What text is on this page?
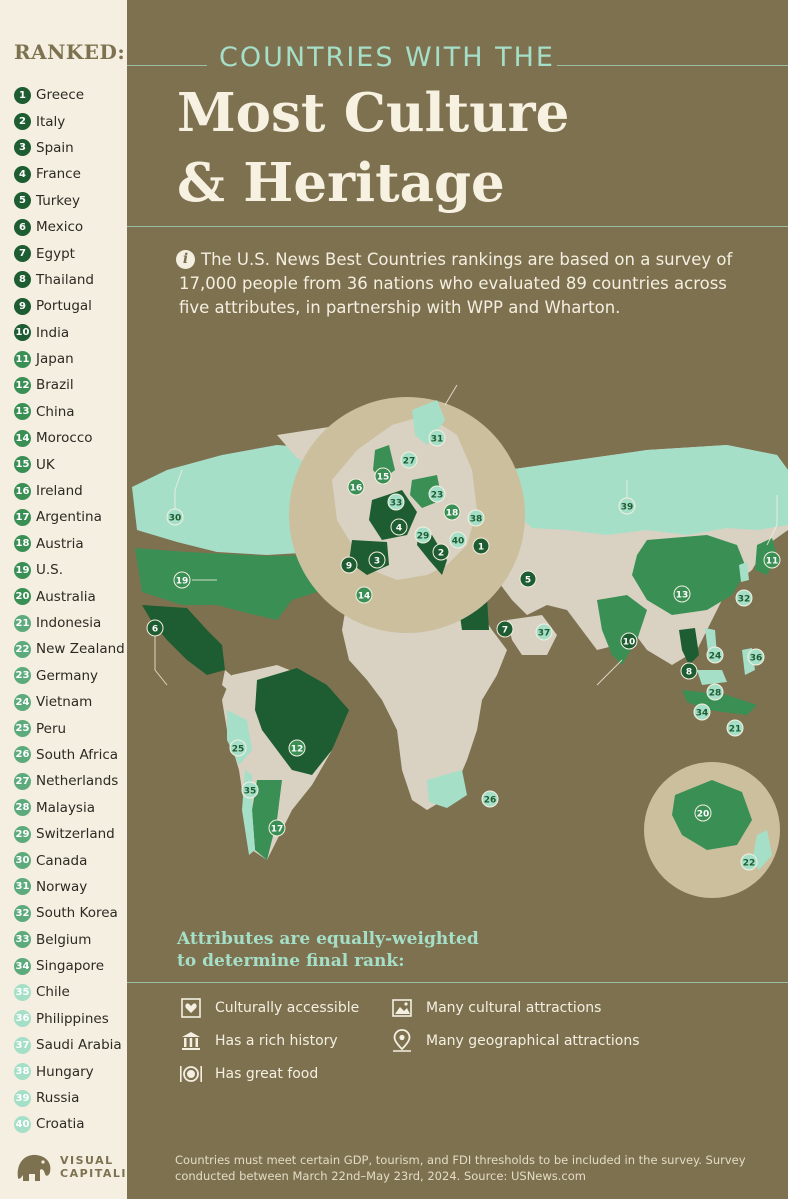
RANKED:
1 Greece
2 Italy
3 Spain
4 France
5 Turkey
6 Mexico
7 Egypt
8 Thailand
9 Portugal
10 India
11 Japan
12 Brazil
13 China
14 Morocco
15 UK
16 Ireland
17 Argentina
18 Austria
19 U.S.
20 Australia
21 Indonesia
22 New Zealand
23 Germany
24 Vietnam
25 Peru
26 South Africa
27 Netherlands
28 Malaysia
29 Switzerland
30 Canada
31 Norway
32 South Korea
33 Belgium
34 Singapore
35 Chile
36 Philippines
37 Saudi Arabia
38 Hungary
39 Russia
40 Croatia
VISUAL
CAPITALIST
COUNTRIES WITH THE
Most Culture
& Heritage
The U.S. News Best Countries rankings are based on a survey of 17,000 people from 36 nations who evaluated 89 countries across five attributes, in partnership with WPP and Wharton.
i
1
2
3
4
5
6	7
8
9
10
11
12
13
14
15
16
17
18
19
20
21
22
23
24
25
26
27
28
29
30
31
32
33
34
35
36
37
38
39
40
Attributes are equally-weighted
to determine final rank:
Culturally accessible
Has a rich history
Has great food
Many cultural attractions
Many geographical attractions
Countries must meet certain GDP, tourism, and FDI thresholds to be included in the survey. Survey conducted between March 22nd–May 23rd, 2024. Source: USNews.com
